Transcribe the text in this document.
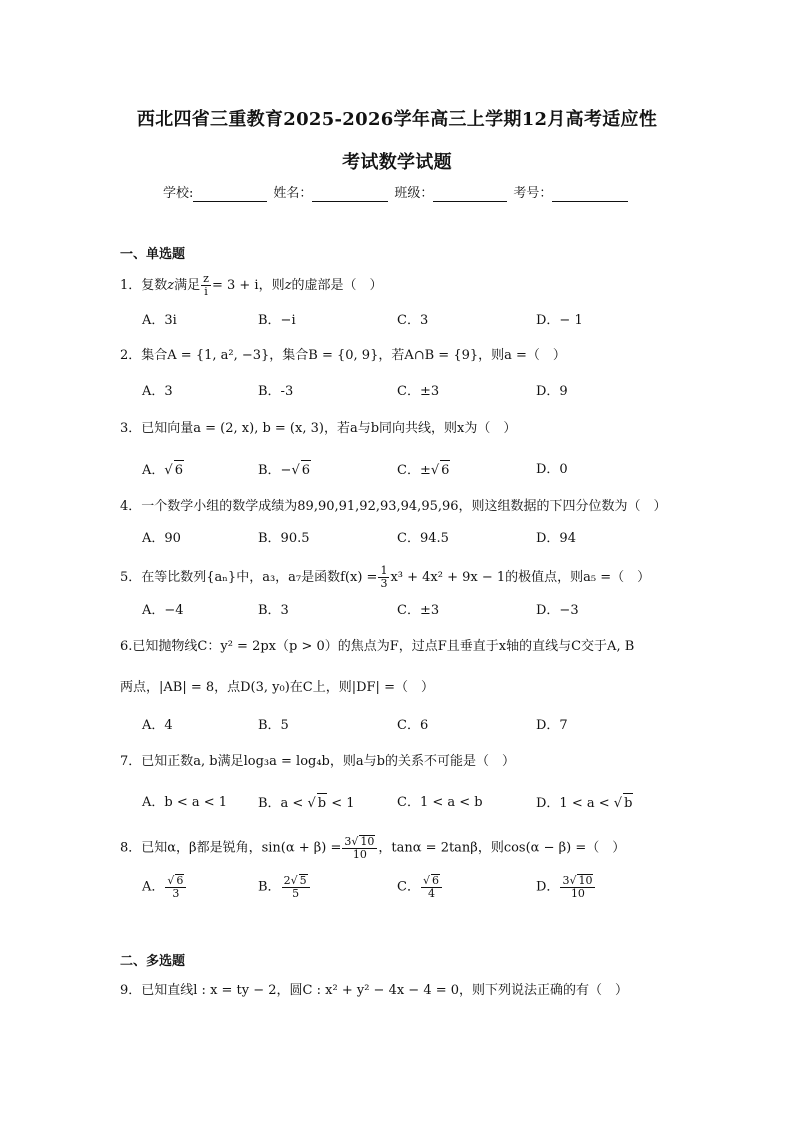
西北四省三重教育2025-2026学年高三上学期12月高考适应性
考试数学试题
学校:	姓名：	班级：	考号：
一、单选题
1．复数z满足 $\frac{z}{i} = 3 + i$，则z的虚部是（　）
A．3i	B．−i	C．3	D．− 1
2．集合A = {1, a², −3}，集合B = {0, 9}，若A∩B = {9}，则a =（　）
A．3	B．-3	C．±3	D．9
3．已知向量a = (2, x), b = (x, 3)，若a与b同向共线，则x为（　）
A．√ 6	B．−√ 6	C．±√ 6	D．0
4．一个数学小组的数学成绩为89,90,91,92,93,94,95,96，则这组数据的下四分位数为（　）
A．90	B．90.5	C．94.5	D．94
5．在等比数列{aₙ}中，a₃，a₇是函数$f(x) = \frac{1}{3} x^3 + 4x^2 + 9x - 1$的极值点，则a₅ =（　）
A．−4	B．3	C．±3	D．−3
6.已知抛物线C：y² = 2px（p > 0）的焦点为F，过点F且垂直于x轴的直线与C交于A, B
两点，|AB| = 8，点D(3, y₀)在C上，则|DF| =（　）
A．4	B．5	C．6	D．7
7．已知正数a, b满足log₃a = log₄b，则a与b的关系不可能是（　）
A．b < a < 1 B．a < √ b < 1	C．1 < a < b	D．1 < a < √ b
8．已知α，β都是锐角，$\sin(\alpha + \beta) = \frac{3√ 10}{10}$ ，tanα = 2tanβ，则cos(α − β) =（　）
A． $\frac{√ 6}{3}$	B． $\frac{2√ 5}{5}$	C． $\frac{√ 6}{4}$	D． $\frac{3√ 10}{10}$
二、多选题
9．已知直线l : x = ty − 2，圆C : x² + y² − 4x − 4 = 0，则下列说法正确的有（　）
